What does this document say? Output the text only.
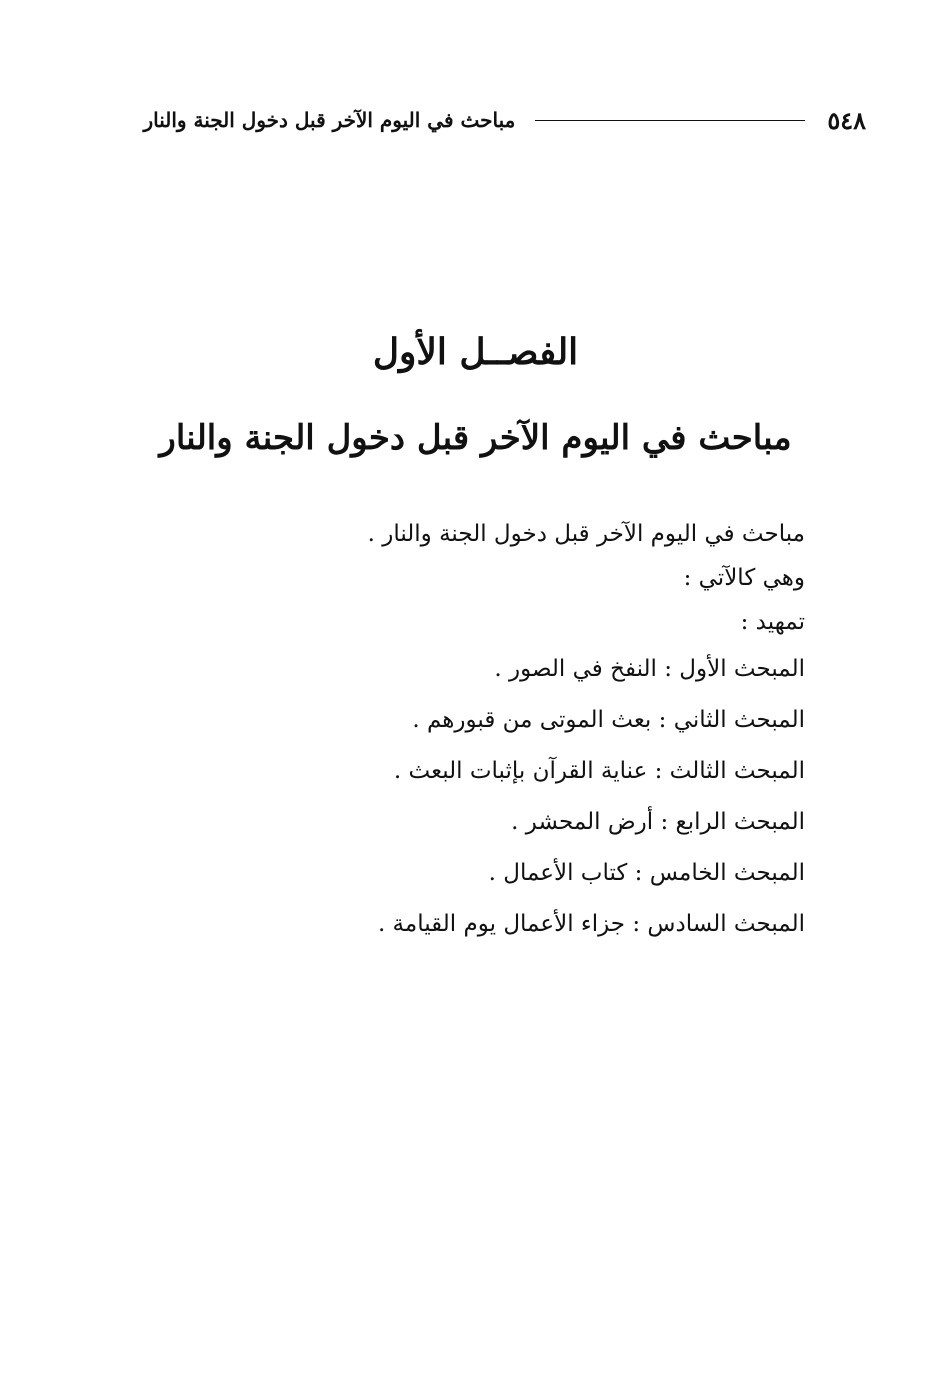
٥٤٨
مباحث في اليوم الآخر قبل دخول الجنة والنار
الفصــل الأول
مباحث في اليوم الآخر قبل دخول الجنة والنار
مباحث في اليوم الآخر قبل دخول الجنة والنار .
وهي كالآتي :
تمهيد :
المبحث الأول : النفخ في الصور .
المبحث الثاني : بعث الموتى من قبورهم .
المبحث الثالث : عناية القرآن بإثبات البعث .
المبحث الرابع : أرض المحشر .
المبحث الخامس : كتاب الأعمال .
المبحث السادس : جزاء الأعمال يوم القيامة .
